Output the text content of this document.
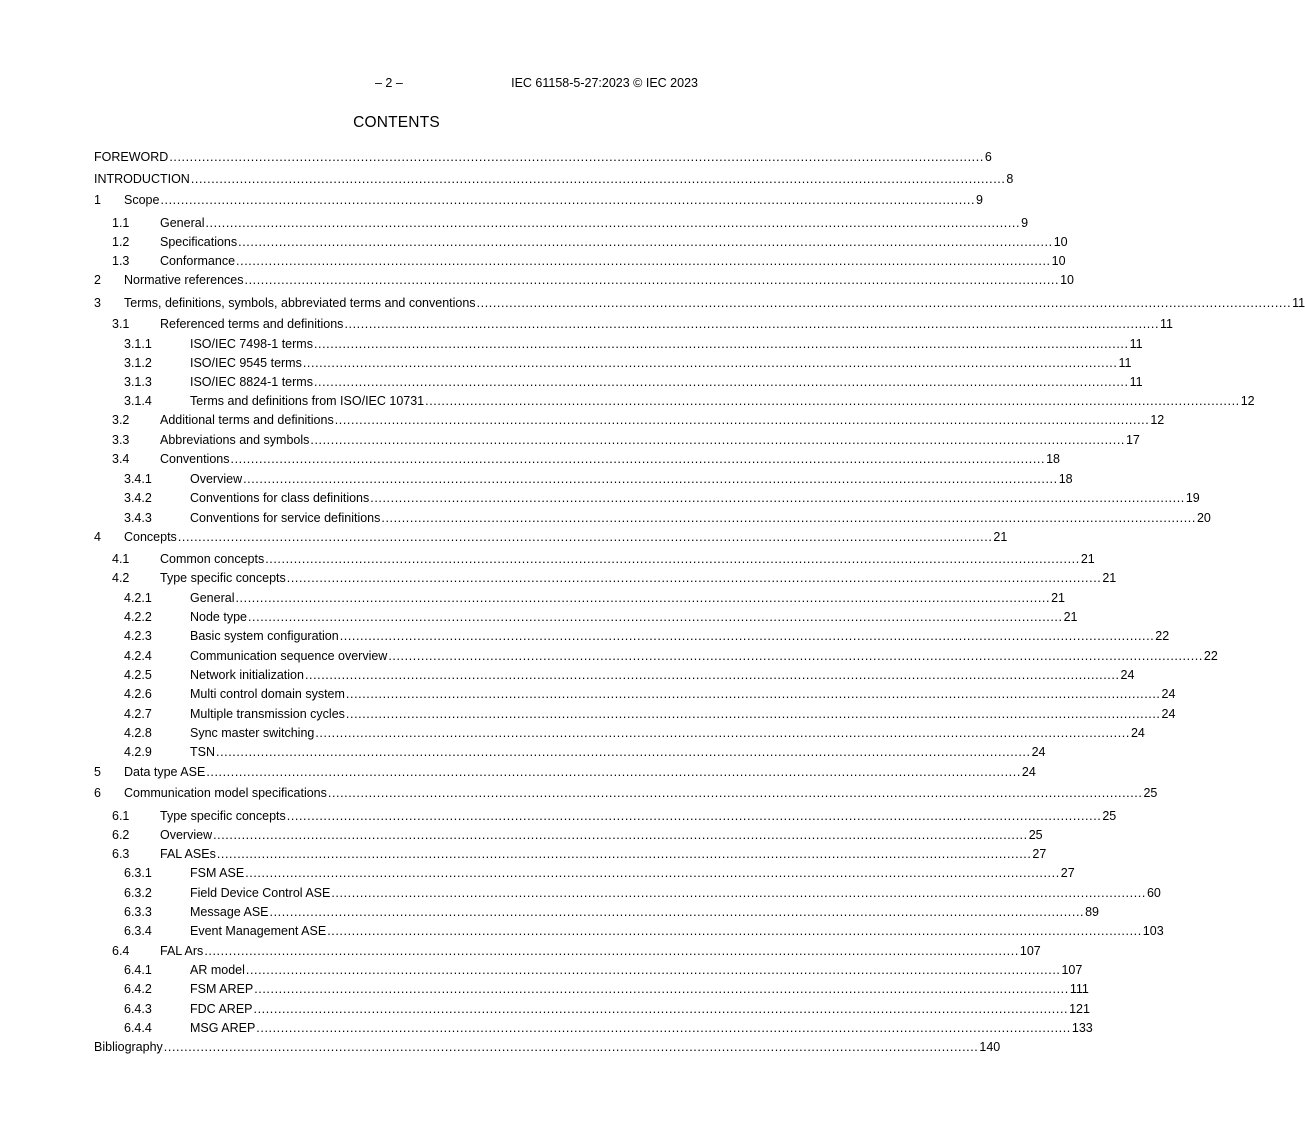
– 2 –	IEC 61158-5-27:2023 © IEC 2023
CONTENTS
FOREWORD ........................................................................................................................................................................................................ 6
INTRODUCTION ........................................................................................................................................................................................................ 8
1 Scope ........................................................................................................................................................................................................ 9
1.1 General ........................................................................................................................................................................................................ 9
1.2 Specifications ........................................................................................................................................................................................................ 10
1.3 Conformance ........................................................................................................................................................................................................ 10
2 Normative references ........................................................................................................................................................................................................ 10
3 Terms, definitions, symbols, abbreviated terms and conventions ........................................................................................................................................................................................................ 11
3.1 Referenced terms and definitions ........................................................................................................................................................................................................ 11
3.1.1	ISO/IEC 7498-1 terms ........................................................................................................................................................................................................ 11
3.1.2	ISO/IEC 9545 terms ........................................................................................................................................................................................................ 11
3.1.3	ISO/IEC 8824-1 terms ........................................................................................................................................................................................................ 11
3.1.4	Terms and definitions from ISO/IEC 10731 ........................................................................................................................................................................................................ 12
3.2 Additional terms and definitions ........................................................................................................................................................................................................ 12
3.3 Abbreviations and symbols ........................................................................................................................................................................................................ 17
3.4 Conventions ........................................................................................................................................................................................................ 18
3.4.1	Overview ........................................................................................................................................................................................................ 18
3.4.2	Conventions for class definitions ........................................................................................................................................................................................................ 19
3.4.3	Conventions for service definitions ........................................................................................................................................................................................................ 20
4 Concepts ........................................................................................................................................................................................................ 21
4.1 Common concepts ........................................................................................................................................................................................................ 21
4.2 Type specific concepts ........................................................................................................................................................................................................ 21
4.2.1	General ........................................................................................................................................................................................................ 21
4.2.2	Node type ........................................................................................................................................................................................................ 21
4.2.3	Basic system configuration ........................................................................................................................................................................................................ 22
4.2.4	Communication sequence overview ........................................................................................................................................................................................................ 22
4.2.5	Network initialization ........................................................................................................................................................................................................ 24
4.2.6	Multi control domain system ........................................................................................................................................................................................................ 24
4.2.7	Multiple transmission cycles ........................................................................................................................................................................................................ 24
4.2.8	Sync master switching ........................................................................................................................................................................................................ 24
4.2.9	TSN ........................................................................................................................................................................................................ 24
5 Data type ASE ........................................................................................................................................................................................................ 24
6 Communication model specifications ........................................................................................................................................................................................................ 25
6.1 Type specific concepts ........................................................................................................................................................................................................ 25
6.2 Overview ........................................................................................................................................................................................................ 25
6.3 FAL ASEs ........................................................................................................................................................................................................ 27
6.3.1	FSM ASE ........................................................................................................................................................................................................ 27
6.3.2	Field Device Control ASE ........................................................................................................................................................................................................ 60
6.3.3	Message ASE ........................................................................................................................................................................................................ 89
6.3.4	Event Management ASE ........................................................................................................................................................................................................ 103
6.4 FAL Ars ........................................................................................................................................................................................................ 107
6.4.1	AR model ........................................................................................................................................................................................................ 107
6.4.2	FSM AREP ........................................................................................................................................................................................................ 111
6.4.3	FDC AREP ........................................................................................................................................................................................................ 121
6.4.4	MSG AREP ........................................................................................................................................................................................................ 133
Bibliography ........................................................................................................................................................................................................ 140
